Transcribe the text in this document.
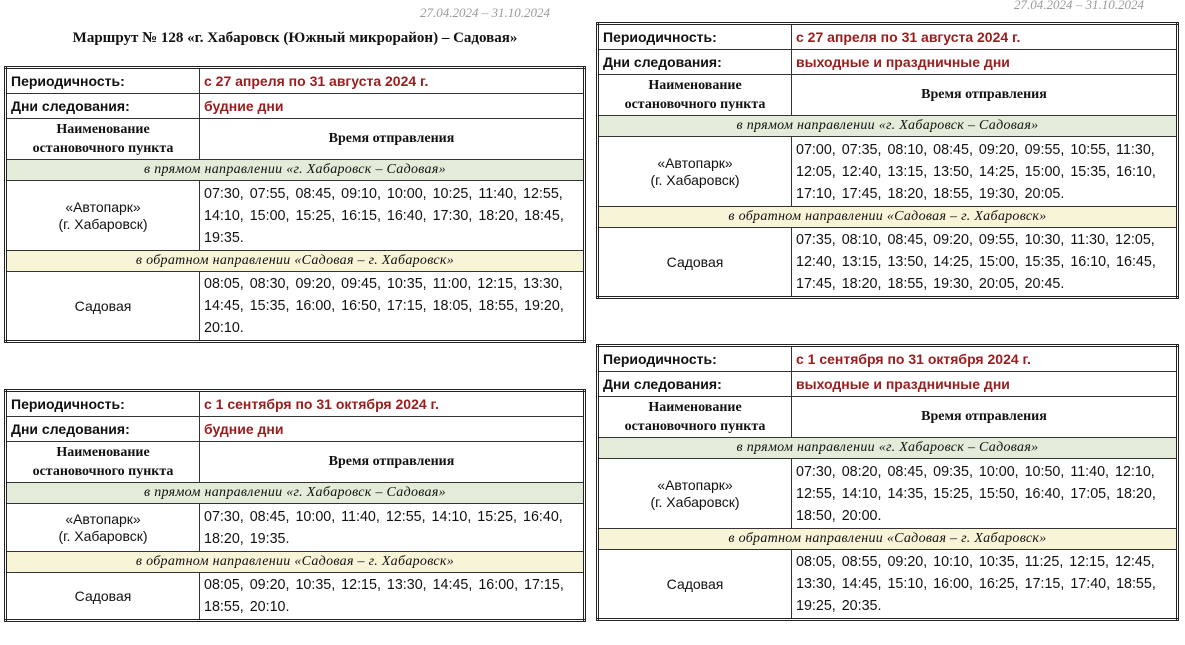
27.04.2024 – 31.10.2024
27.04.2024 – 31.10.2024
Маршрут № 128 «г. Хабаровск (Южный микрорайон) – Садовая»
Периодичность:	с 27 апреля по 31 августа 2024 г.
Дни следования:	будние дни
Наименование
остановочного пункта	Время отправления
в прямом направлении «г. Хабаровск – Садовая»	
«Автопарк»
(г. Хабаровск)	07:30, 07:55, 08:45, 09:10, 10:00, 10:25, 11:40, 12:55, 14:10, 15:00, 15:25, 16:15, 16:40, 17:30, 18:20, 18:45, 19:35.
в обратном направлении «Садовая – г. Хабаровск»	
Садовая	08:05, 08:30, 09:20, 09:45, 10:35, 11:00, 12:15, 13:30, 14:45, 15:35, 16:00, 16:50, 17:15, 18:05, 18:55, 19:20, 20:10.
Периодичность:	с 1 сентября по 31 октября 2024 г.
Дни следования:	будние дни
Наименование
остановочного пункта	Время отправления
в прямом направлении «г. Хабаровск – Садовая»	
«Автопарк»
(г. Хабаровск)	07:30, 08:45, 10:00, 11:40, 12:55, 14:10, 15:25, 16:40, 18:20, 19:35.
в обратном направлении «Садовая – г. Хабаровск»	
Садовая	08:05, 09:20, 10:35, 12:15, 13:30, 14:45, 16:00, 17:15, 18:55, 20:10.
Периодичность:	с 27 апреля по 31 августа 2024 г.
Дни следования:	выходные и праздничные дни
Наименование
остановочного пункта	Время отправления
в прямом направлении «г. Хабаровск – Садовая»	
«Автопарк»
(г. Хабаровск)	07:00, 07:35, 08:10, 08:45, 09:20, 09:55, 10:55, 11:30, 12:05, 12:40, 13:15, 13:50, 14:25, 15:00, 15:35, 16:10, 17:10, 17:45, 18:20, 18:55, 19:30, 20:05.
в обратном направлении «Садовая – г. Хабаровск»	
Садовая	07:35, 08:10, 08:45, 09:20, 09:55, 10:30, 11:30, 12:05, 12:40, 13:15, 13:50, 14:25, 15:00, 15:35, 16:10, 16:45, 17:45, 18:20, 18:55, 19:30, 20:05, 20:45.
Периодичность:	с 1 сентября по 31 октября 2024 г.
Дни следования:	выходные и праздничные дни
Наименование
остановочного пункта	Время отправления
в прямом направлении «г. Хабаровск – Садовая»	
«Автопарк»
(г. Хабаровск)	07:30, 08:20, 08:45, 09:35, 10:00, 10:50, 11:40, 12:10, 12:55, 14:10, 14:35, 15:25, 15:50, 16:40, 17:05, 18:20, 18:50, 20:00.
в обратном направлении «Садовая – г. Хабаровск»	
Садовая	08:05, 08:55, 09:20, 10:10, 10:35, 11:25, 12:15, 12:45, 13:30, 14:45, 15:10, 16:00, 16:25, 17:15, 17:40, 18:55, 19:25, 20:35.
